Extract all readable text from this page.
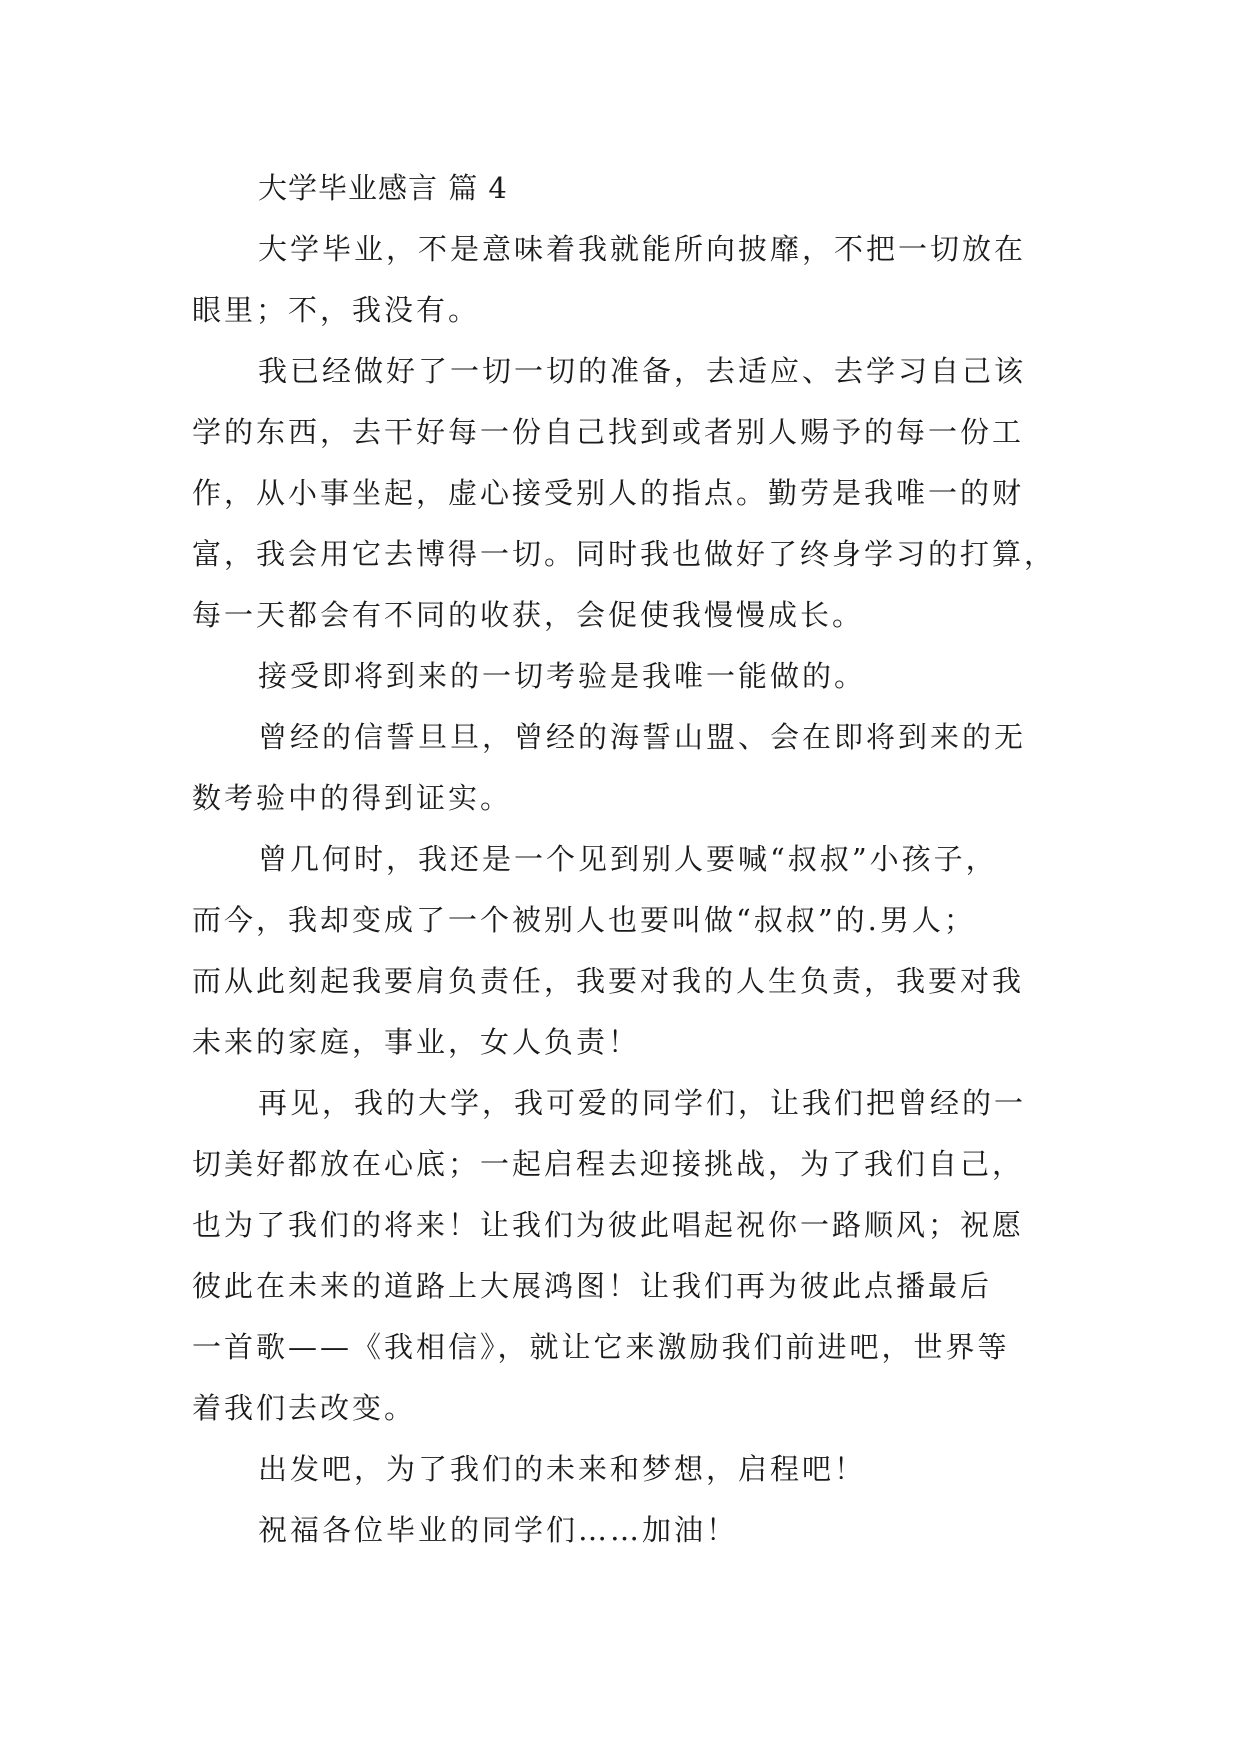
大学毕业感言 篇 4
大学毕业，不是意味着我就能所向披靡，不把一切放在
眼里；不，我没有。
我已经做好了一切一切的准备，去适应、去学习自己该
学的东西，去干好每一份自己找到或者别人赐予的每一份工
作，从小事坐起，虚心接受别人的指点。勤劳是我唯一的财
富，我会用它去博得一切。同时我也做好了终身学习的打算，
每一天都会有不同的收获，会促使我慢慢成长。
接受即将到来的一切考验是我唯一能做的。
曾经的信誓旦旦，曾经的海誓山盟、会在即将到来的无
数考验中的得到证实。
曾几何时，我还是一个见到别人要喊“叔叔”小孩子，
而今，我却变成了一个被别人也要叫做“叔叔”的.男人；
而从此刻起我要肩负责任，我要对我的人生负责，我要对我
未来的家庭，事业，女人负责！
再见，我的大学，我可爱的同学们，让我们把曾经的一
切美好都放在心底；一起启程去迎接挑战，为了我们自己，
也为了我们的将来！让我们为彼此唱起祝你一路顺风；祝愿
彼此在未来的道路上大展鸿图！让我们再为彼此点播最后
一首歌——《我相信》，就让它来激励我们前进吧，世界等
着我们去改变。
出发吧，为了我们的未来和梦想，启程吧！
祝福各位毕业的同学们……加油！
